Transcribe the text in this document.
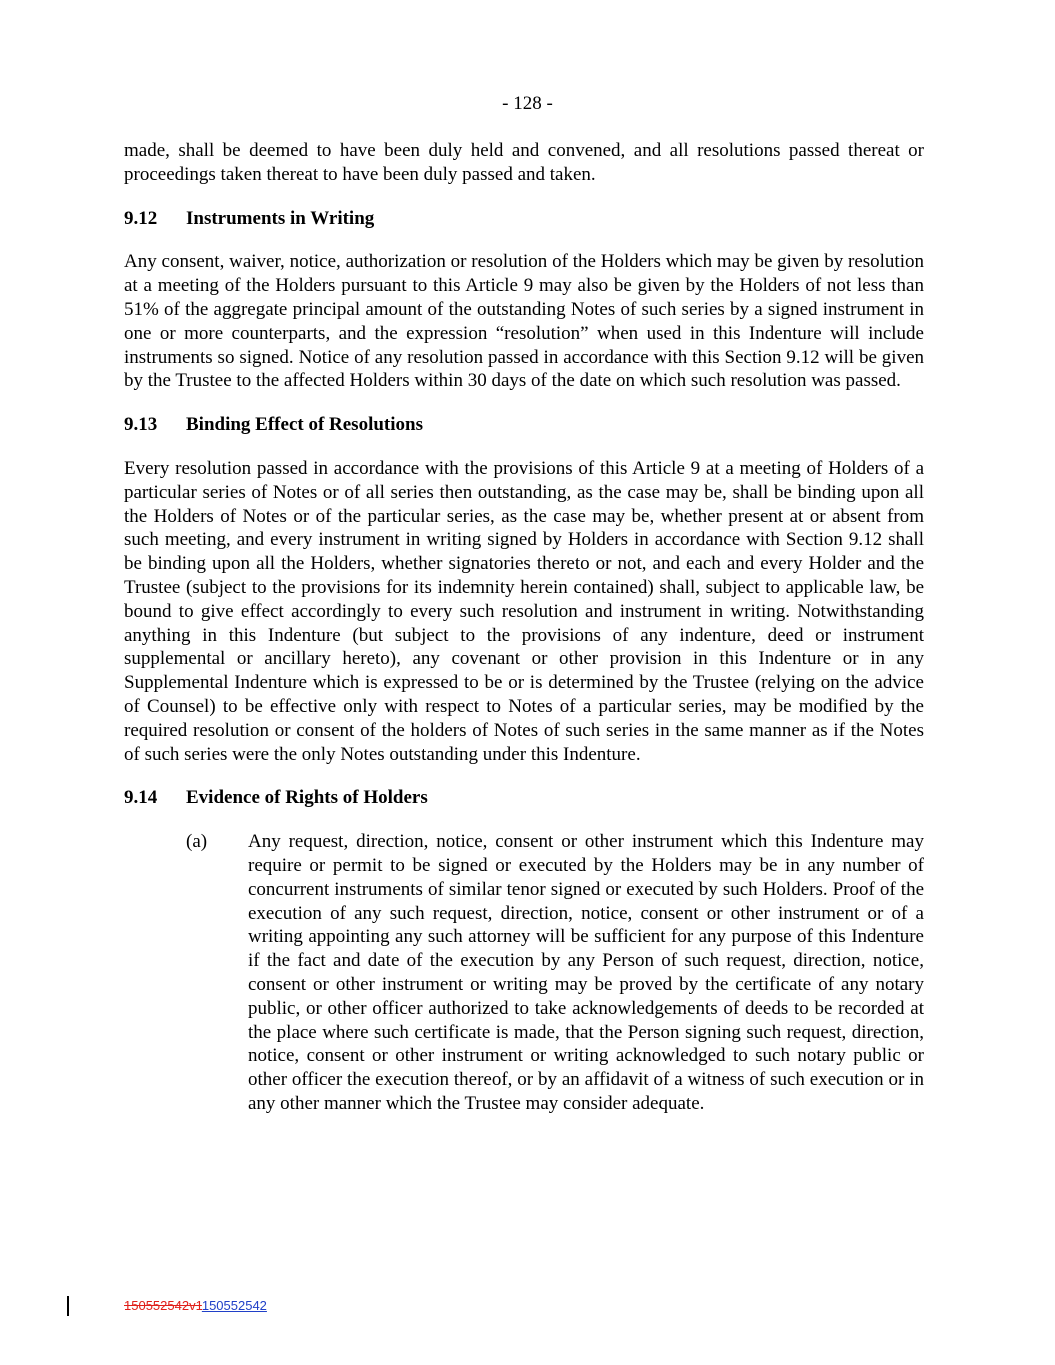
- 128 -

made, shall be deemed to have been duly held and convened, and all resolutions passed thereat or proceedings taken thereat to have been duly passed and taken.

9.12 Instruments in Writing

Any consent, waiver, notice, authorization or resolution of the Holders which may be given by resolution at a meeting of the Holders pursuant to this Article 9 may also be given by the Holders of not less than 51% of the aggregate principal amount of the outstanding Notes of such series by a signed instrument in one or more counterparts, and the expression “resolution” when used in this Indenture will include instruments so signed. Notice of any resolution passed in accordance with this Section 9.12 will be given by the Trustee to the affected Holders within 30 days of the date on which such resolution was passed.

9.13 Binding Effect of Resolutions

Every resolution passed in accordance with the provisions of this Article 9 at a meeting of Holders of a particular series of Notes or of all series then outstanding, as the case may be, shall be binding upon all the Holders of Notes or of the particular series, as the case may be, whether present at or absent from such meeting, and every instrument in writing signed by Holders in accordance with Section 9.12 shall be binding upon all the Holders, whether signatories thereto or not, and each and every Holder and the Trustee (subject to the provisions for its indemnity herein contained) shall, subject to applicable law, be bound to give effect accordingly to every such resolution and instrument in writing. Notwithstanding anything in this Indenture (but subject to the provisions of any indenture, deed or instrument supplemental or ancillary hereto), any covenant or other provision in this Indenture or in any Supplemental Indenture which is expressed to be or is determined by the Trustee (relying on the advice of Counsel) to be effective only with respect to Notes of a particular series, may be modified by the required resolution or consent of the holders of Notes of such series in the same manner as if the Notes of such series were the only Notes outstanding under this Indenture.

9.14 Evidence of Rights of Holders
(a) Any request, direction, notice, consent or other instrument which this Indenture may require or permit to be signed or executed by the Holders may be in any number of concurrent instruments of similar tenor signed or executed by such Holders. Proof of the execution of any such request, direction, notice, consent or other instrument or of a writing appointing any such attorney will be sufficient for any purpose of this Indenture if the fact and date of the execution by any Person of such request, direction, notice, consent or other instrument or writing may be proved by the certificate of any notary public, or other officer authorized to take acknowledgements of deeds to be recorded at the place where such certificate is made, that the Person signing such request, direction, notice, consent or other instrument or writing acknowledged to such notary public or other officer the execution thereof, or by an affidavit of a witness of such execution or in any other manner which the Trustee may consider adequate.

150552542v1150552542
